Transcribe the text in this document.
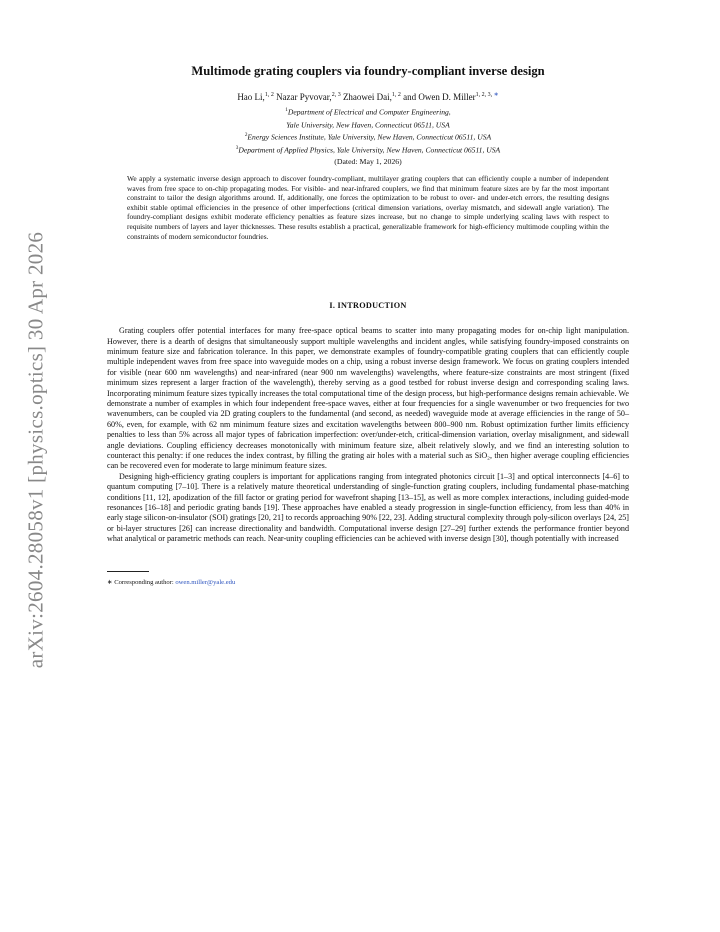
arXiv:2604.28058v1 [physics.optics] 30 Apr 2026
Multimode grating couplers via foundry-compliant inverse design
Hao Li,$^{1, 2}$ Nazar Pyvovar,$^{2, 3}$ Zhaowei Dai,$^{1, 2}$ and Owen D. Miller$^{1, 2, 3, ∗}$
$^1$Department of Electrical and Computer Engineering,
Yale University, New Haven, Connecticut 06511, USA
$^2$Energy Sciences Institute, Yale University, New Haven, Connecticut 06511, USA
$^3$Department of Applied Physics, Yale University, New Haven, Connecticut 06511, USA
(Dated: May 1, 2026)
We apply a systematic inverse design approach to discover foundry-compliant, multilayer grating couplers that can efficiently couple a number of independent waves from free space to on-chip propagating modes. For visible- and near-infrared couplers, we find that minimum feature sizes are by far the most important constraint to tailor the design algorithms around. If, additionally, one forces the optimization to be robust to over- and under-etch errors, the resulting designs exhibit stable optimal efficiencies in the presence of other imperfections (critical dimension variations, overlay mismatch, and sidewall angle variation). The foundry-compliant designs exhibit moderate efficiency penalties as feature sizes increase, but no change to simple underlying scaling laws with respect to requisite numbers of layers and layer thicknesses. These results establish a practical, generalizable framework for high-efficiency multimode coupling within the constraints of modern semiconductor foundries.
I. INTRODUCTION

Grating couplers offer potential interfaces for many free-space optical beams to scatter into many propagating modes for on-chip light manipulation. However, there is a dearth of designs that simultaneously support multiple wavelengths and incident angles, while satisfying foundry-imposed constraints on minimum feature size and fabrication tolerance. In this paper, we demonstrate examples of foundry-compatible grating couplers that can efficiently couple multiple independent waves from free space into waveguide modes on a chip, using a robust inverse design framework. We focus on grating couplers intended for visible (near 600 nm wavelengths) and near-infrared (near 900 nm wavelengths) wavelengths, where feature-size constraints are most stringent (fixed minimum sizes represent a larger fraction of the wavelength), thereby serving as a good testbed for robust inverse design and corresponding scaling laws. Incorporating minimum feature sizes typically increases the total computational time of the design process, but high-performance designs remain achievable. We demonstrate a number of examples in which four independent free-space waves, either at four frequencies for a single wavenumber or two frequencies for two wavenumbers, can be coupled via 2D grating couplers to the fundamental (and second, as needed) waveguide mode at average efficiencies in the range of 50–60%, even, for example, with 62 nm minimum feature sizes and excitation wavelengths between 800–900 nm. Robust optimization further limits efficiency penalties to less than 5% across all major types of fabrication imperfection: over/under-etch, critical-dimension variation, overlay misalignment, and sidewall angle deviations. Coupling efficiency decreases monotonically with minimum feature size, albeit relatively slowly, and we find an interesting solution to counteract this penalty: if one reduces the index contrast, by filling the grating air holes with a material such as SiO₂, then higher average coupling efficiencies can be recovered even for moderate to large minimum feature sizes.

Designing high-efficiency grating couplers is important for applications ranging from integrated photonics circuit [1–3] and optical interconnects [4–6] to quantum computing [7–10]. There is a relatively mature theoretical understanding of single-function grating couplers, including fundamental phase-matching conditions [11, 12], apodization of the fill factor or grating period for wavefront shaping [13–15], as well as more complex interactions, including guided-mode resonances [16–18] and periodic grating bands [19]. These approaches have enabled a steady progression in single-function efficiency, from less than 40% in early stage silicon-on-insulator (SOI) gratings [20, 21] to records approaching 90% [22, 23]. Adding structural complexity through poly-silicon overlays [24, 25] or bi-layer structures [26] can increase directionality and bandwidth. Computational inverse design [27–29] further extends the performance frontier beyond what analytical or parametric methods can reach. Near-unity coupling efficiencies can be achieved with inverse design [30], though potentially with increased

∗ Corresponding author: owen.miller@yale.edu
